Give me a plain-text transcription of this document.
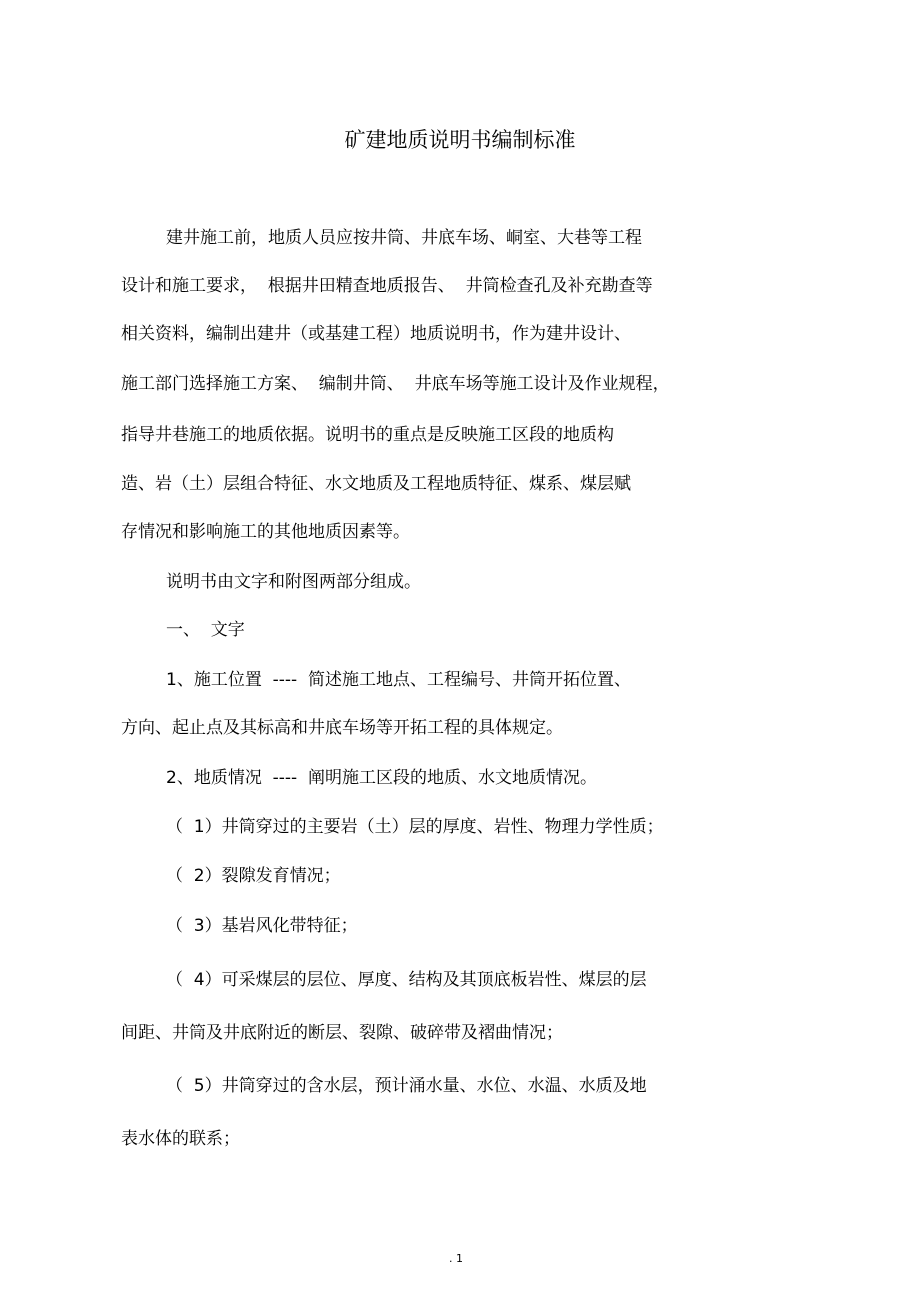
矿建地质说明书编制标准
建井施工前，地质人员应按井筒、井底车场、峒室、大巷等工程
设计和施工要求，  根据井田精查地质报告、  井筒检查孔及补充勘查等
相关资料，编制出建井（或基建工程）地质说明书，作为建井设计、
施工部门选择施工方案、  编制井筒、  井底车场等施工设计及作业规程，
指导井巷施工的地质依据。说明书的重点是反映施工区段的地质构
造、岩（土）层组合特征、水文地质及工程地质特征、煤系、煤层赋
存情况和影响施工的其他地质因素等。
说明书由文字和附图两部分组成。
一、  文字
1、施工位置  ----  简述施工地点、工程编号、井筒开拓位置、
方向、起止点及其标高和井底车场等开拓工程的具体规定。
2、地质情况  ----  阐明施工区段的地质、水文地质情况。
（  1）井筒穿过的主要岩（土）层的厚度、岩性、物理力学性质；
（  2）裂隙发育情况；
（  3）基岩风化带特征；
（  4）可采煤层的层位、厚度、结构及其顶底板岩性、煤层的层
间距、井筒及井底附近的断层、裂隙、破碎带及褶曲情况；
（  5）井筒穿过的含水层，预计涌水量、水位、水温、水质及地
表水体的联系；
. 1
